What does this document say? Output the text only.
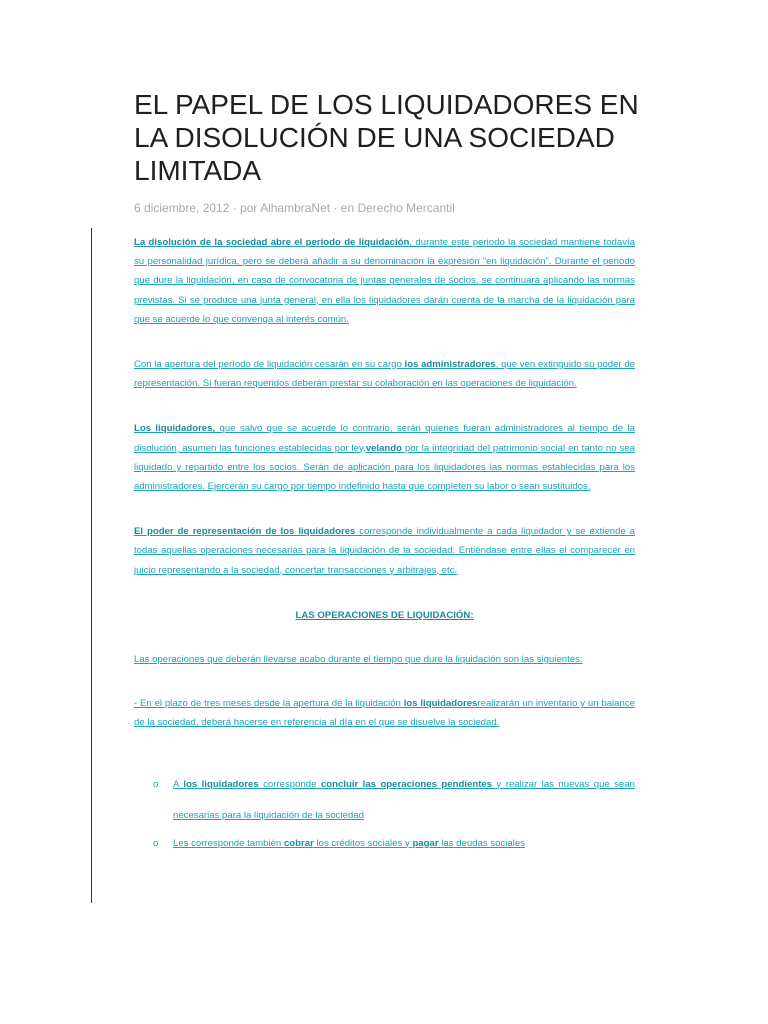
EL PAPEL DE LOS LIQUIDADORES EN LA DISOLUCIÓN DE UNA SOCIEDAD LIMITADA
6 diciembre, 2012 · por AlhambraNet · en Derecho Mercantil

La disolución de la sociedad abre el periodo de liquidación, durante este periodo la sociedad mantiene todavía su personalidad jurídica, pero se deberá añadir a su denominación la expresión “en liquidación”. Durante el periodo que dure la liquidación, en caso de convocatoria de juntas generales de socios, se continuará aplicando las normas previstas. Si se produce una junta general, en ella los liquidadores darán cuenta de la marcha de la liquidación para que se acuerde lo que convenga al interés común.

Con la apertura del período de liquidación cesarán en su cargo los administradores, que ven extinguido su poder de representación. Si fueran requeridos deberán prestar su colaboración en las operaciones de liquidación.

Los liquidadores, que salvo que se acuerde lo contrario, serán quienes fueran administradores al tiempo de la disolución, asumen las funciones establecidas por ley,velando por la integridad del patrimonio social en tanto no sea liquidado y repartido entre los socios. Serán de aplicación para los liquidadores las normas establecidas para los administradores. Ejercerán su cargo por tiempo indefinido hasta que completen su labor o sean sustituidos.

El poder de representación de los liquidadores corresponde individualmente a cada liquidador y se extiende a todas aquellas operaciones necesarias para la liquidación de la sociedad. Entiéndase entre ellas el comparecer en juicio representando a la sociedad, concertar transacciones y arbitrajes, etc.

LAS OPERACIONES DE LIQUIDACIÓN:

Las operaciones que deberán llevarse acabo durante el tiempo que dure la liquidación son las siguientes:

- En el plazo de tres meses desde la apertura de la liquidación los liquidadoresrealizarán un inventario y un balance de la sociedad, deberá hacerse en referencia al día en el que se disuelve la sociedad.

o A los liquidadores corresponde concluir las operaciones pendientes y realizar las nuevas que sean necesarias para la liquidación de la sociedad
o Les corresponde también cobrar los créditos sociales y pagar las deudas sociales
